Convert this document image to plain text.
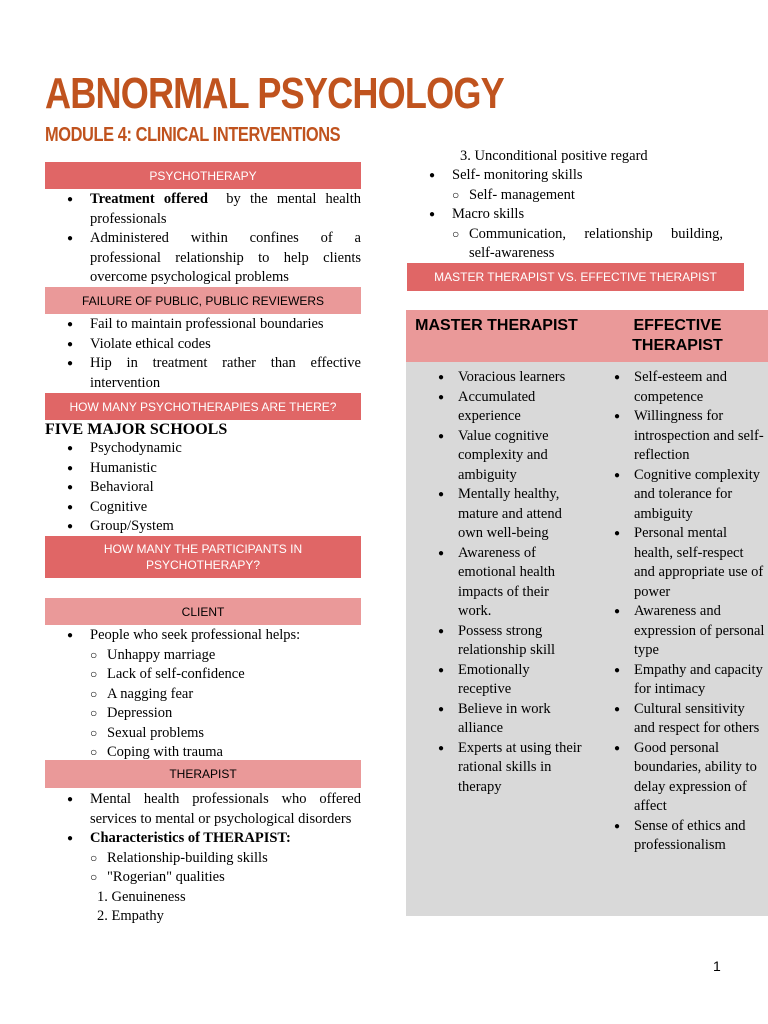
ABNORMAL PSYCHOLOGY
MODULE 4: CLINICAL INTERVENTIONS
PSYCHOTHERAPY
● Treatment offered by the mental health professionals
● Administered within confines of a professional relationship to help clients overcome psychological problems
FAILURE OF PUBLIC, PUBLIC REVIEWERS
● Fail to maintain professional boundaries
● Violate ethical codes
● Hip in treatment rather than effective intervention
HOW MANY PSYCHOTHERAPIES ARE THERE?
FIVE MAJOR SCHOOLS
● Psychodynamic
● Humanistic
● Behavioral
● Cognitive
● Group/System
HOW MANY THE PARTICIPANTS IN PSYCHOTHERAPY?
CLIENT
● People who seek professional helps:
○ Unhappy marriage
○ Lack of self-confidence
○ A nagging fear
○ Depression
○ Sexual problems
○ Coping with trauma
THERAPIST
● Mental health professionals who offered services to mental or psychological disorders
● Characteristics of THERAPIST:
○ Relationship-building skills
○ "Rogerian" qualities
1. Genuineness
2. Empathy
3. Unconditional positive regard
● Self- monitoring skills
○ Self- management
● Macro skills
○ Communication, relationship building, self-awareness
MASTER THERAPIST VS. EFFECTIVE THERAPIST
MASTER THERAPIST	EFFECTIVE THERAPIST
● Voracious learners
● Accumulated experience
● Value cognitive complexity and ambiguity
● Mentally healthy, mature and attend own well-being
● Awareness of emotional health impacts of their work.
● Possess strong relationship skill
● Emotionally receptive
● Believe in work alliance
● Experts at using their rational skills in therapy
● Self-esteem and competence
● Willingness for introspection and self-reflection
● Cognitive complexity and tolerance for ambiguity
● Personal mental health, self-respect and appropriate use of power
● Awareness and expression of personal type
● Empathy and capacity for intimacy
● Cultural sensitivity and respect for others
● Good personal boundaries, ability to delay expression of affect
● Sense of ethics and professionalism
1
